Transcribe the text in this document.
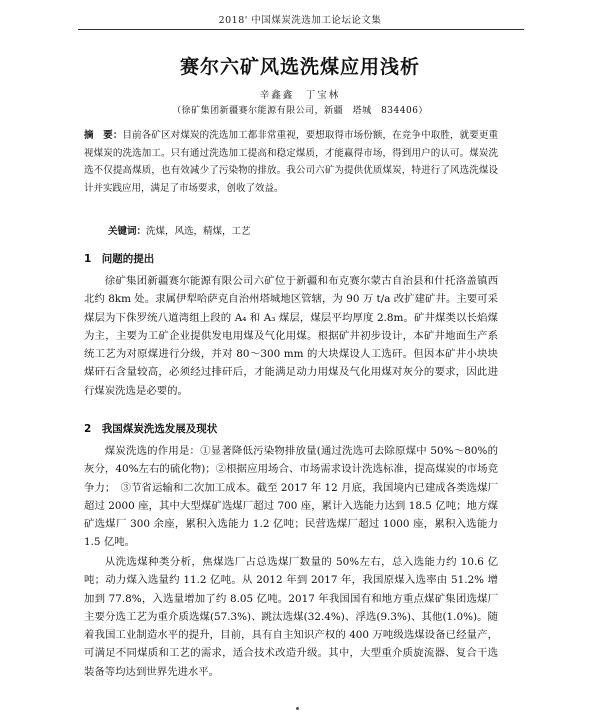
2018' 中国煤炭洗选加工论坛论文集
赛尔六矿风选洗煤应用浅析
辛鑫鑫　丁宝林
（徐矿集团新疆赛尔能源有限公司，新疆　塔城　834406）
摘　要：目前各矿区对煤炭的洗选加工都非常重视，要想取得市场份额，在竞争中取胜，就要更重视煤炭的洗选加工。只有通过洗选加工提高和稳定煤质，才能赢得市场，得到用户的认可。煤炭洗选不仅提高煤质，也有效减少了污染物的排放。我公司六矿为提供优质煤炭，特进行了风选洗煤设计并实践应用，满足了市场要求，创收了效益。
关键词：洗煤，风选，精煤，工艺
1　问题的提出

徐矿集团新疆赛尔能源有限公司六矿位于新疆和布克赛尔蒙古自治县和什托洛盖镇西北约 8km 处。隶属伊犁哈萨克自治州塔城地区管辖，为 90 万 t/a 改扩建矿井。主要可采煤层为下侏罗统八道湾组上段的 A₄ 和 A₃ 煤层，煤层平均厚度 2.8m。矿井煤类以长焰煤为主，主要为工矿企业提供发电用煤及气化用煤。根据矿井初步设计，本矿井地面生产系统工艺为对原煤进行分级，并对 80～300 mm 的大块煤设人工选矸。但因本矿井小块块煤矸石含量较高，必须经过排矸后，才能满足动力用煤及气化用煤对灰分的要求，因此进行煤炭洗选是必要的。

2　我国煤炭洗选发展及现状

煤炭洗选的作用是：①显著降低污染物排放量(通过洗选可去除原煤中 50%～80%的灰分，40%左右的硫化物)；②根据应用场合、市场需求设计洗选标准，提高煤炭的市场竞争力；　③节省运输和二次加工成本。截至 2017 年 12 月底，我国境内已建成各类选煤厂超过 2000 座，其中大型煤矿选煤厂超过 700 座，累计入选能力达到 18.5 亿吨；地方煤矿选煤厂 300 余座，累积入选能力 1.2 亿吨；民营选煤厂超过 1000 座，累积入选能力 1.5 亿吨。

从洗选煤种类分析，焦煤选厂占总选煤厂数量的 50%左右，总入选能力约 10.6 亿吨；动力煤入选量约 11.2 亿吨。从 2012 年到 2017 年，我国原煤入选率由 51.2% 增加到 77.8%，入选量增加了约 8.05 亿吨。2017 年我国国有和地方重点煤矿集团选煤厂主要分选工艺为重介质选煤(57.3%)、跳汰选煤(32.4%)、浮选(9.3%)、其他(1.0%)。随着我国工业制造水平的提升，目前，具有自主知识产权的 400 万吨级选煤设备已经量产，可满足不同煤质和工艺的需求，适合技术改造升级。其中，大型重介质旋流器、复合干选装备等均达到世界先进水平。
